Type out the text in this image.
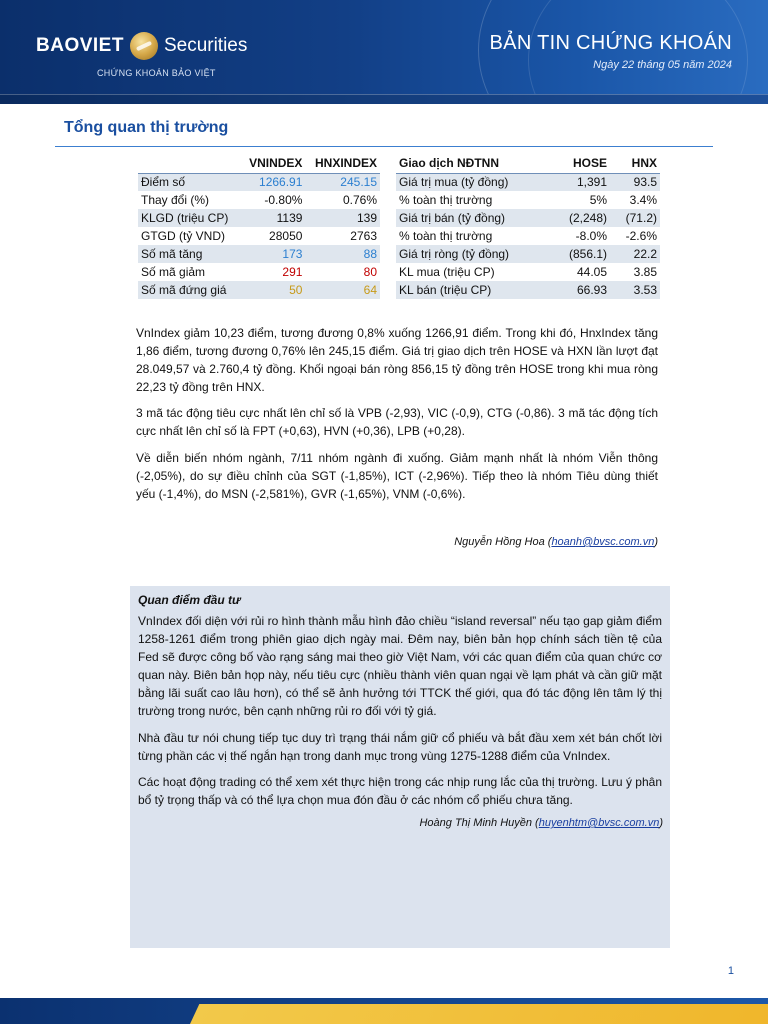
BAOVIET Securities
CHỨNG KHOÁN BẢO VIỆT
BẢN TIN CHỨNG KHOÁN
Ngày 22 tháng 05 năm 2024
Tổng quan thị trường
	VNINDEX	HNXINDEX
Điểm số	1266.91	245.15
Thay đổi (%)	-0.80%	0.76%
KLGD (triệu CP)	1139	139
GTGD (tỷ VND)	28050	2763
Số mã tăng	173	88
Số mã giảm	291	80
Số mã đứng giá	50	64
Giao dịch NĐTNN	HOSE	HNX
Giá trị mua (tỷ đồng)	1,391	93.5
% toàn thị trường	5%	3.4%
Giá trị bán (tỷ đồng)	(2,248)	(71.2)
% toàn thị trường	-8.0%	-2.6%
Giá trị ròng (tỷ đồng)	(856.1)	22.2
KL mua (triệu CP)	44.05	3.85
KL bán (triệu CP)	66.93	3.53

VnIndex giảm 10,23 điểm, tương đương 0,8% xuống 1266,91 điểm. Trong khi đó, HnxIndex tăng 1,86 điểm, tương đương 0,76% lên 245,15 điểm. Giá trị giao dịch trên HOSE và HXN lần lượt đạt 28.049,57 và 2.760,4 tỷ đồng. Khối ngoại bán ròng 856,15 tỷ đồng trên HOSE trong khi mua ròng 22,23 tỷ đồng trên HNX.

3 mã tác động tiêu cực nhất lên chỉ số là VPB (-2,93), VIC (-0,9), CTG (-0,86). 3 mã tác động tích cực nhất lên chỉ số là FPT (+0,63), HVN (+0,36), LPB (+0,28).

Về diễn biến nhóm ngành, 7/11 nhóm ngành đi xuống. Giảm mạnh nhất là nhóm Viễn thông (-2,05%), do sự điều chỉnh của SGT (-1,85%), ICT (-2,96%). Tiếp theo là nhóm Tiêu dùng thiết yếu (-1,4%), do MSN (-2,581%), GVR (-1,65%), VNM (-0,6%).

Nguyễn Hồng Hoa (hoanh@bvsc.com.vn)
Quan điểm đầu tư

VnIndex đối diện với rủi ro hình thành mẫu hình đảo chiều “island reversal” nếu tạo gap giảm điểm 1258-1261 điểm trong phiên giao dịch ngày mai. Đêm nay, biên bản họp chính sách tiền tệ của Fed sẽ được công bố vào rạng sáng mai theo giờ Việt Nam, với các quan điểm của quan chức cơ quan này. Biên bản họp này, nếu tiêu cực (nhiều thành viên quan ngại về lạm phát và cần giữ mặt bằng lãi suất cao lâu hơn), có thể sẽ ảnh hưởng tới TTCK thế giới, qua đó tác động lên tâm lý thị trường trong nước, bên cạnh những rủi ro đối với tỷ giá.

Nhà đầu tư nói chung tiếp tục duy trì trạng thái nắm giữ cổ phiếu và bắt đầu xem xét bán chốt lời từng phần các vị thế ngắn hạn trong danh mục trong vùng 1275-1288 điểm của VnIndex.

Các hoạt động trading có thể xem xét thực hiện trong các nhịp rung lắc của thị trường. Lưu ý phân bổ tỷ trọng thấp và có thể lựa chọn mua đón đầu ở các nhóm cổ phiếu chưa tăng.

Hoàng Thị Minh Huyền (huyenhtm@bvsc.com.vn)
1
